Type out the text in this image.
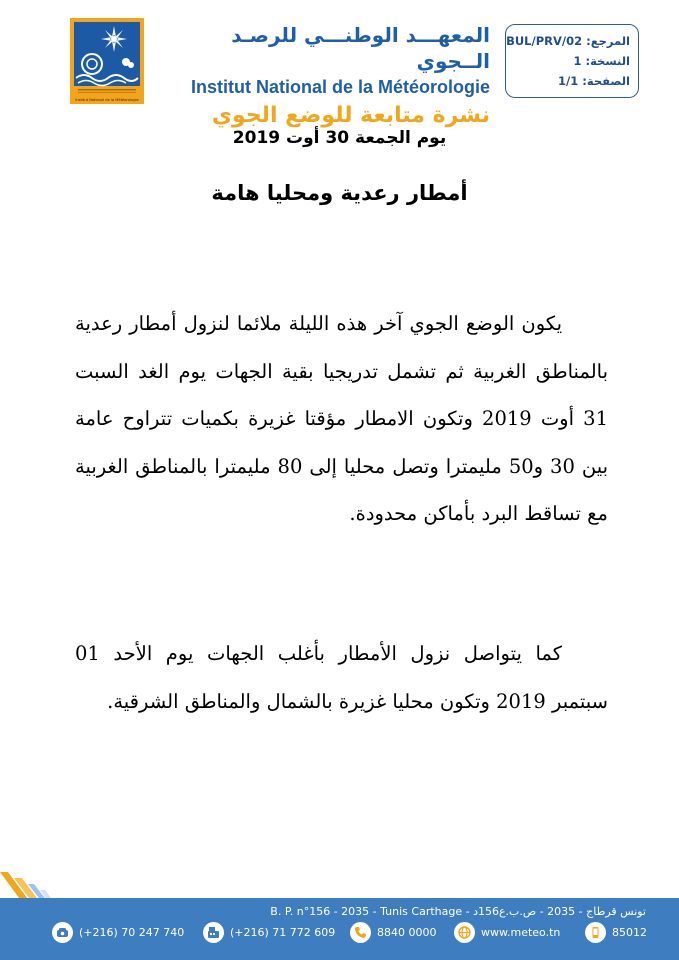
المرجع: BUL/PRV/02
النسخة: 1
الصفحة: 1/1
المعهـــد الوطنـــي للرصـد الــجوي
Institut National de la Météorologie
نشرة متابعة للوضع الجوي
Institut National de la Météorologie
يوم الجمعة 30 أوت 2019
أمطار رعدية ومحليا هامة
يكون الوضع الجوي آخر هذه الليلة ملائما لنزول أمطار رعدية بالمناطق الغربية ثم تشمل تدريجيا بقية الجهات يوم الغد السبت 31 أوت 2019 وتكون الامطار مؤقتا غزيرة بكميات تتراوح عامة بين 30 و50 مليمترا وتصل محليا إلى 80 مليمترا بالمناطق الغربية مع تساقط البرد بأماكن محدودة.
كما يتواصل نزول الأمطار بأغلب الجهات يوم الأحد 01 سبتمبر 2019 وتكون محليا غزيرة بالشمال والمناطق الشرقية.
B. P. n°156 - 2035 - Tunis Carthage - تونس قرطاج - 2035 - ص.ب.ع156د
(+216) 70 247 740	(+216) 71 772 609	8840 0000	www.meteo.tn	85012
